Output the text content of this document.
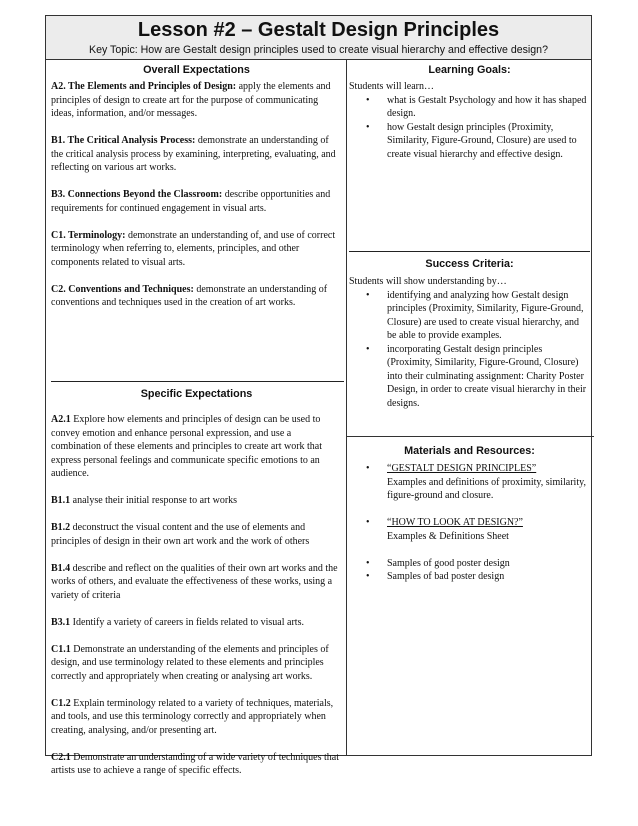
Lesson #2 – Gestalt Design Principles
Key Topic: How are Gestalt design principles used to create visual hierarchy and effective design?
Overall Expectations

A2. The Elements and Principles of Design: apply the elements and principles of design to create art for the purpose of communicating ideas, information, and/or messages.

B1. The Critical Analysis Process: demonstrate an understanding of the critical analysis process by examining, interpreting, evaluating, and reflecting on various art works.

B3. Connections Beyond the Classroom: describe opportunities and requirements for continued engagement in visual arts.

C1. Terminology: demonstrate an understanding of, and use of correct terminology when referring to, elements, principles, and other components related to visual arts.

C2. Conventions and Techniques: demonstrate an understanding of conventions and techniques used in the creation of art works.

Specific Expectations

A2.1 Explore how elements and principles of design can be used to convey emotion and enhance personal expression, and use a combination of these elements and principles to create art work that express personal feelings and communicate specific emotions to an audience.

B1.1 analyse their initial response to art works

B1.2 deconstruct the visual content and the use of elements and principles of design in their own art work and the work of others

B1.4 describe and reflect on the qualities of their own art works and the works of others, and evaluate the effectiveness of these works, using a variety of criteria

B3.1 Identify a variety of careers in fields related to visual arts.

C1.1 Demonstrate an understanding of the elements and principles of design, and use terminology related to these elements and principles correctly and appropriately when creating or analysing art works.

C1.2 Explain terminology related to a variety of techniques, materials, and tools, and use this terminology correctly and appropriately when creating, analysing, and/or presenting art.

C2.1 Demonstrate an understanding of a wide variety of techniques that artists use to achieve a range of specific effects.

Learning Goals:
Students will learn…
• what is Gestalt Psychology and how it has shaped design.
• how Gestalt design principles (Proximity, Similarity, Figure-Ground, Closure) are used to create visual hierarchy and effective design.
Success Criteria:
Students will show understanding by…
• identifying and analyzing how Gestalt design principles (Proximity, Similarity, Figure-Ground, Closure) are used to create visual hierarchy, and be able to provide examples.
• incorporating Gestalt design principles (Proximity, Similarity, Figure-Ground, Closure) into their culminating assignment: Charity Poster Design, in order to create visual hierarchy in their designs.
Materials and Resources:
• “GESTALT DESIGN PRINCIPLES”
Examples and definitions of proximity, similarity, figure-ground and closure.
• “HOW TO LOOK AT DESIGN?”
Examples & Definitions Sheet
• Samples of good poster design
• Samples of bad poster design
